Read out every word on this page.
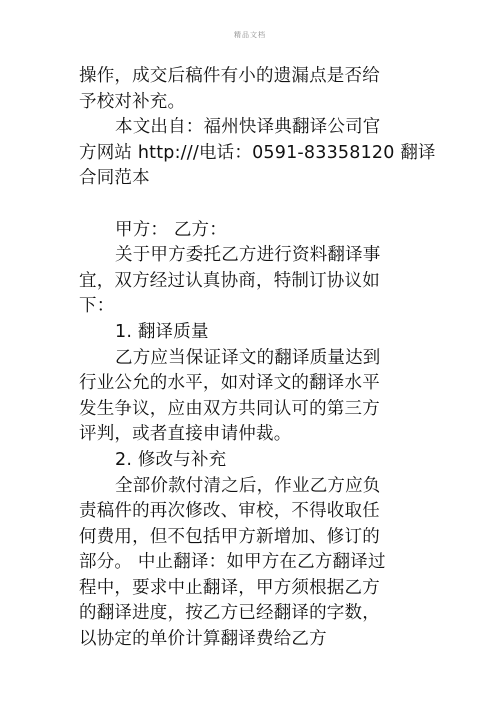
精品文档
操作，成交后稿件有小的遗漏点是否给
予校对补充。
本文出自：福州快译典翻译公司官
方网站 http:///电话：0591-83358120 翻译
合同范本
甲方： 乙方：
关于甲方委托乙方进行资料翻译事
宜，双方经过认真协商，特制订协议如
下：
1. 翻译质量
乙方应当保证译文的翻译质量达到
行业公允的水平，如对译文的翻译水平
发生争议，应由双方共同认可的第三方
评判，或者直接申请仲裁。
2. 修改与补充
全部价款付清之后，作业乙方应负
责稿件的再次修改、审校，不得收取任
何费用，但不包括甲方新增加、修订的
部分。 中止翻译：如甲方在乙方翻译过
程中，要求中止翻译，甲方须根据乙方
的翻译进度，按乙方已经翻译的字数，
以协定的单价计算翻译费给乙方
